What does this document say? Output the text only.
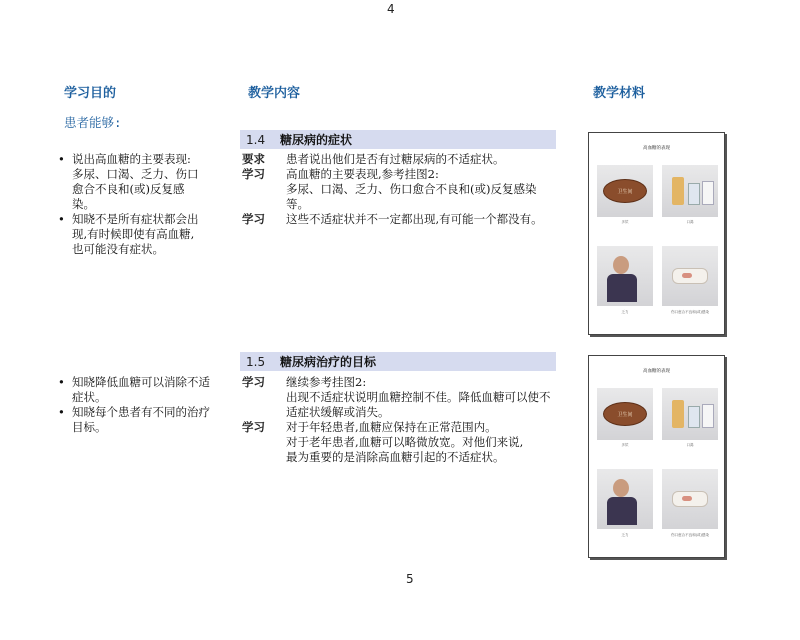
4
5
学习目的	教学内容	教学材料
患者能够:
• 说出高血糖的主要表现:
多尿、口渴、乏力、伤口
愈合不良和(或)反复感
染。
• 知晓不是所有症状都会出
现,有时候即使有高血糖,
也可能没有症状。
1.4	糖尿病的症状
要求	患者说出他们是否有过糖尿病的不适症状。
学习	高血糖的主要表现,参考挂图2:
多尿、口渴、乏力、伤口愈合不良和(或)反复感染
等。
学习	这些不适症状并不一定都出现,有可能一个都没有。
• 知晓降低血糖可以消除不适
症状。
• 知晓每个患者有不同的治疗
目标。
1.5	糖尿病治疗的目标
学习	继续参考挂图2:
出现不适症状说明血糖控制不佳。降低血糖可以使不
适症状缓解或消失。
学习	对于年轻患者,血糖应保持在正常范围内。
对于老年患者,血糖可以略微放宽。对他们来说,
最为重要的是消除高血糖引起的不适症状。
高血糖的表现
卫生间
多尿	口渴
乏力	伤口愈合不良和(或)感染
高血糖的表现
卫生间
多尿	口渴
乏力	伤口愈合不良和(或)感染
